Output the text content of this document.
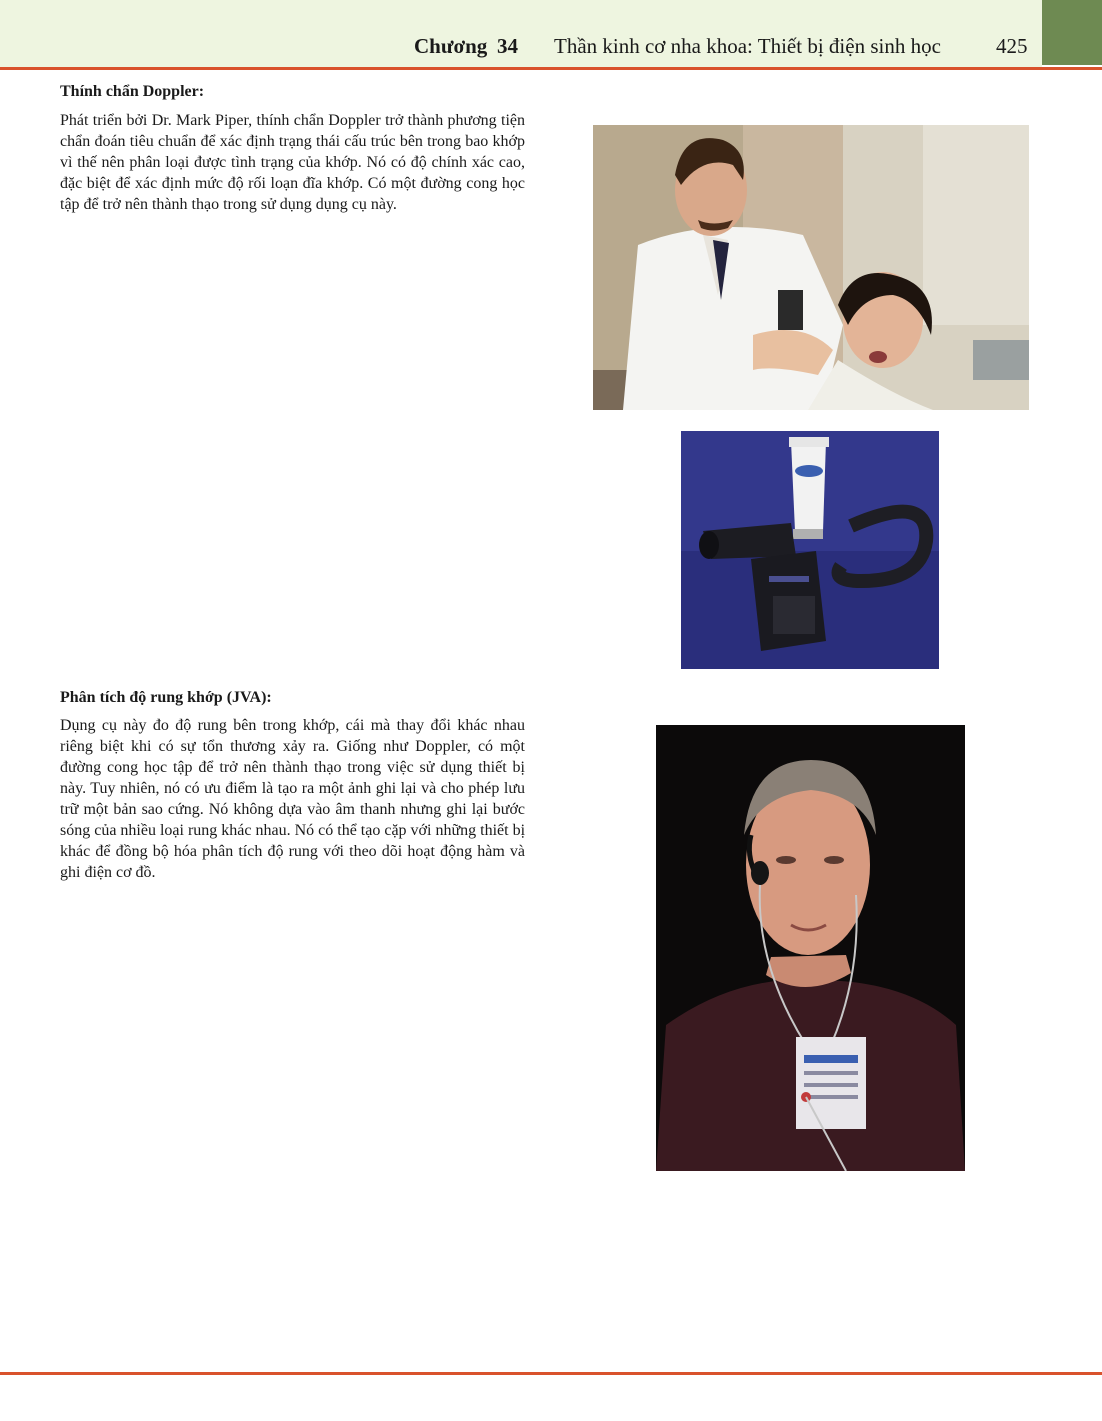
Chương 34 Thần kinh cơ nha khoa: Thiết bị điện sinh học	425
Thính chẩn Doppler:

Phát triển bởi Dr. Mark Piper, thính chẩn Doppler trở thành phương tiện chẩn đoán tiêu chuẩn để xác định trạng thái cấu trúc bên trong bao khớp vì thế nên phân loại được tình trạng của khớp. Nó có độ chính xác cao, đặc biệt để xác định mức độ rối loạn đĩa khớp. Có một đường cong học tập để trở nên thành thạo trong sử dụng dụng cụ này.

Phân tích độ rung khớp (JVA):

Dụng cụ này đo độ rung bên trong khớp, cái mà thay đổi khác nhau riêng biệt khi có sự tổn thương xảy ra. Giống như Doppler, có một đường cong học tập để trở nên thành thạo trong việc sử dụng thiết bị này. Tuy nhiên, nó có ưu điểm là tạo ra một ảnh ghi lại và cho phép lưu trữ một bản sao cứng. Nó không dựa vào âm thanh nhưng ghi lại bước sóng của nhiều loại rung khác nhau. Nó có thể tạo cặp với những thiết bị khác để đồng bộ hóa phân tích độ rung với theo dõi hoạt động hàm và ghi điện cơ đồ.
